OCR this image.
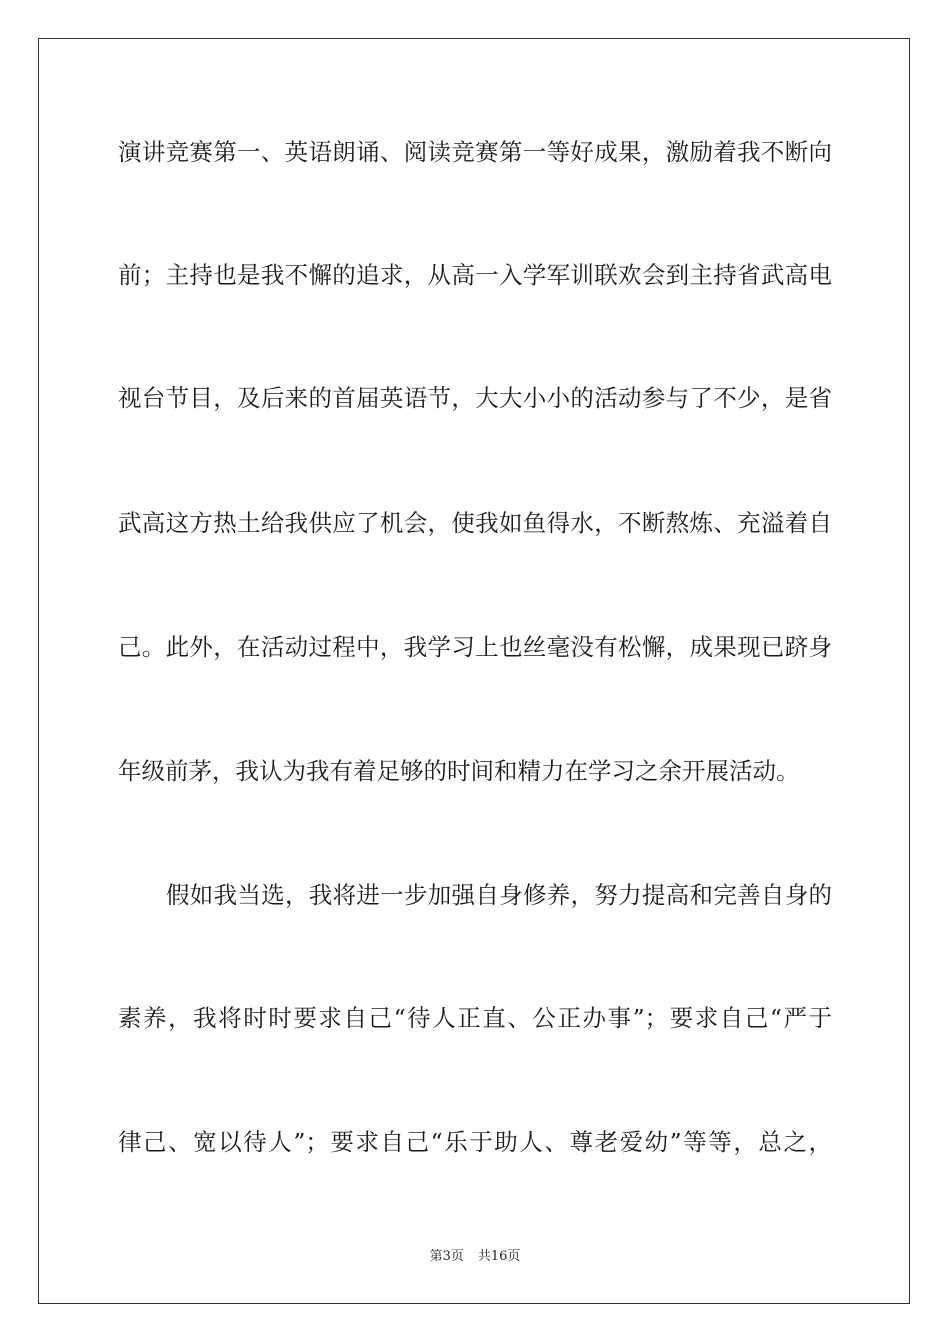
演讲竞赛第一、英语朗诵、阅读竞赛第一等好成果，激励着我不断向
前；主持也是我不懈的追求，从高一入学军训联欢会到主持省武高电
视台节目，及后来的首届英语节，大大小小的活动参与了不少，是省
武高这方热土给我供应了机会，使我如鱼得水，不断熬炼、充溢着自
己。此外，在活动过程中，我学习上也丝毫没有松懈，成果现已跻身
年级前茅，我认为我有着足够的时间和精力在学习之余开展活动。
假如我当选，我将进一步加强自身修养，努力提高和完善自身的
素养，我将时时要求自己“待人正直、公正办事”；要求自己“严于
律己、宽以待人”；要求自己“乐于助人、尊老爱幼”等等，总之，
第3页 共16页
